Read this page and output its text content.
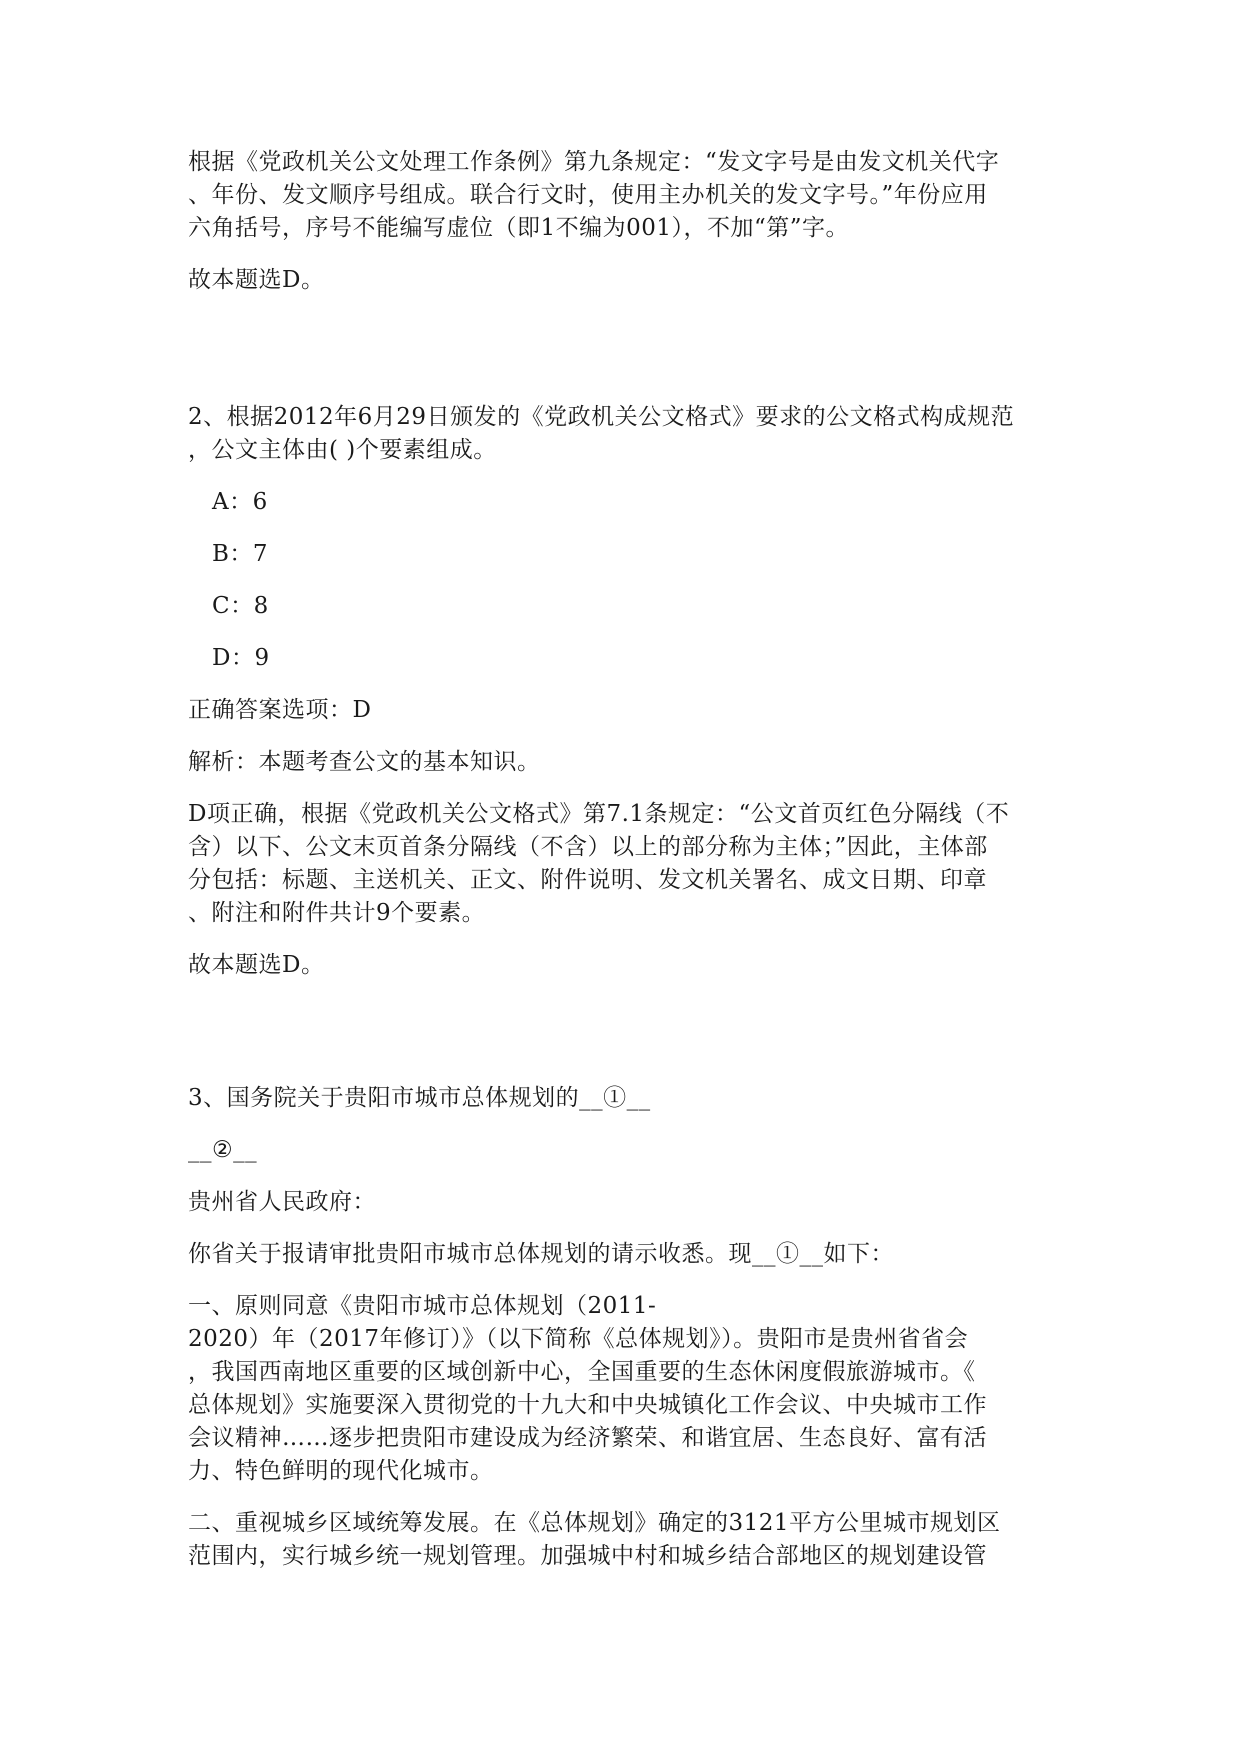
根据《党政机关公文处理工作条例》第九条规定：“发文字号是由发文机关代字
、年份、发文顺序号组成。联合行文时，使用主办机关的发文字号。”年份应用
六角括号，序号不能编写虚位（即1不编为001），不加“第”字。
故本题选D。
2、根据2012年6月29日颁发的《党政机关公文格式》要求的公文格式构成规范
，公文主体由( )个要素组成。
A：6
B：7
C：8
D：9
正确答案选项：D
解析：本题考查公文的基本知识。
D项正确，根据《党政机关公文格式》第7.1条规定：“公文首页红色分隔线（不
含）以下、公文末页首条分隔线（不含）以上的部分称为主体；”因此，主体部
分包括：标题、主送机关、正文、附件说明、发文机关署名、成文日期、印章
、附注和附件共计9个要素。
故本题选D。
3、国务院关于贵阳市城市总体规划的__①__
__②__
贵州省人民政府：
你省关于报请审批贵阳市城市总体规划的请示收悉。现__①__如下：
一、原则同意《贵阳市城市总体规划（2011-
2020）年（2017年修订）》（以下简称《总体规划》）。贵阳市是贵州省省会
，我国西南地区重要的区域创新中心，全国重要的生态休闲度假旅游城市。《
总体规划》实施要深入贯彻党的十九大和中央城镇化工作会议、中央城市工作
会议精神……逐步把贵阳市建设成为经济繁荣、和谐宜居、生态良好、富有活
力、特色鲜明的现代化城市。
二、重视城乡区域统筹发展。在《总体规划》确定的3121平方公里城市规划区
范围内，实行城乡统一规划管理。加强城中村和城乡结合部地区的规划建设管
